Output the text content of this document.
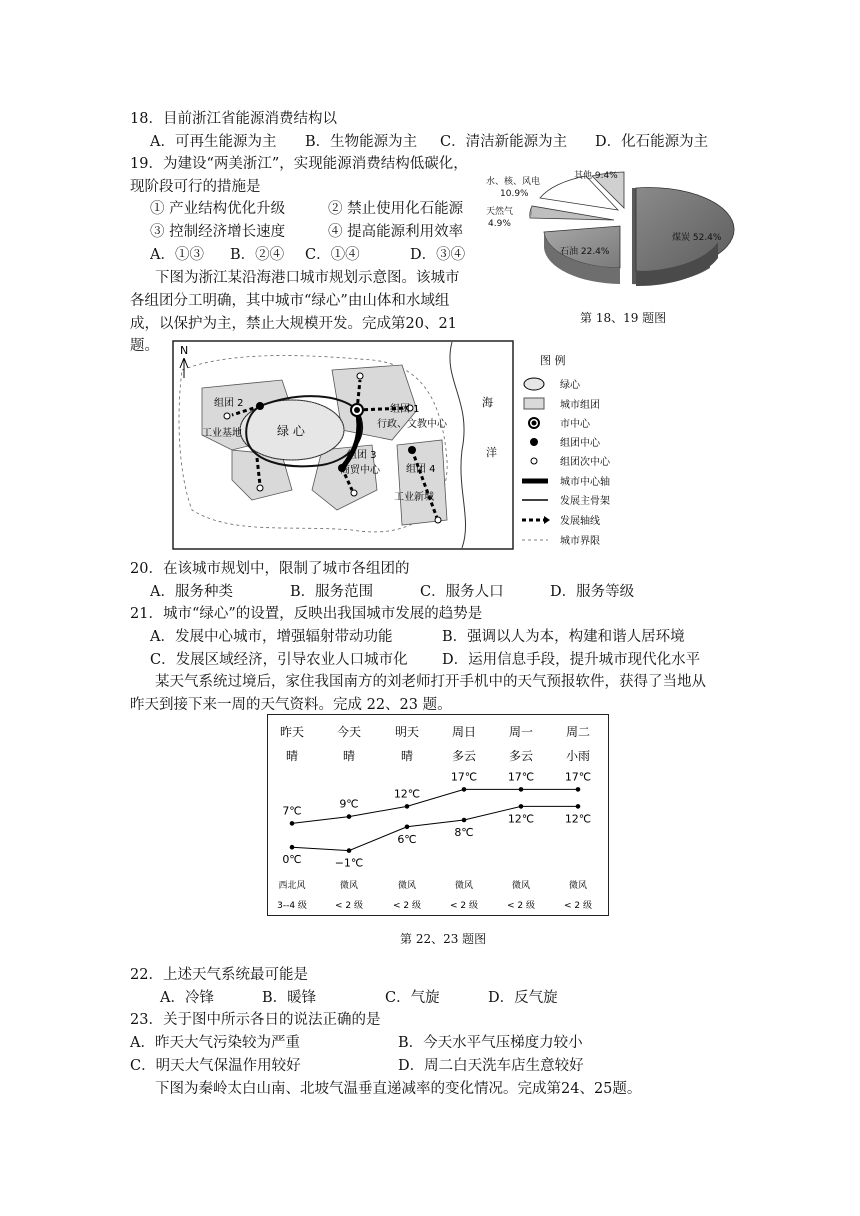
18．目前浙江省能源消费结构以
A．可再生能源为主 B．生物能源为主 C．清洁新能源为主 D．化石能源为主
19．为建设“两美浙江”，实现能源消费结构低碳化，
现阶段可行的措施是
① 产业结构优化升级	② 禁止使用化石能源
③ 控制经济增长速度	④ 提高能源利用效率
A．①③ B．②④ C．①④	D．③④
下图为浙江某沿海港口城市规划示意图。该城市
各组团分工明确，其中城市“绿心”由山体和水域组
成，以保护为主，禁止大规模开发。完成第20、21
题。
煤炭 52.4%
石油 22.4%
天然气
4.9%
水、核、风电
10.9%
其他 9.4%
第 18、19 题图
N
绿 心
组团 2
工业基地
组团 1
行政、文教中心
组团 3
商贸中心	组团 4
工业新城
海
洋
图 例
绿心
城市组团
市中心
组团中心
组团次中心
城市中心轴
发展主骨架
发展轴线
城市界限
20．在该城市规划中，限制了城市各组团的
A．服务种类	B．服务范围	C．服务人口	D．服务等级
21．城市“绿心”的设置，反映出我国城市发展的趋势是
A．发展中心城市，增强辐射带动功能	B．强调以人为本，构建和谐人居环境
C．发展区域经济，引导农业人口城市化 D．运用信息手段，提升城市现代化水平
某天气系统过境后，家住我国南方的刘老师打开手机中的天气预报软件，获得了当地从
昨天到接下来一周的天气资料。完成 22、23 题。
昨天
晴
西北风
3--4 级
今天
晴
微风
< 2 级
明天
晴
微风
< 2 级
周日
多云
微风
< 2 级
周一
多云
微风
< 2 级
周二
小雨
微风
< 2 级
7℃
0℃
9℃
−1℃
12℃
6℃
17℃
8℃
17℃
12℃
17℃
12℃
第 22、23 题图
22．上述天气系统最可能是
A．冷锋	B．暖锋	C．气旋	D．反气旋
23．关于图中所示各日的说法正确的是
A．昨天大气污染较为严重	B．今天水平气压梯度力较小
C．明天大气保温作用较好	D．周二白天洗车店生意较好
下图为秦岭太白山南、北坡气温垂直递减率的变化情况。完成第24、25题。
